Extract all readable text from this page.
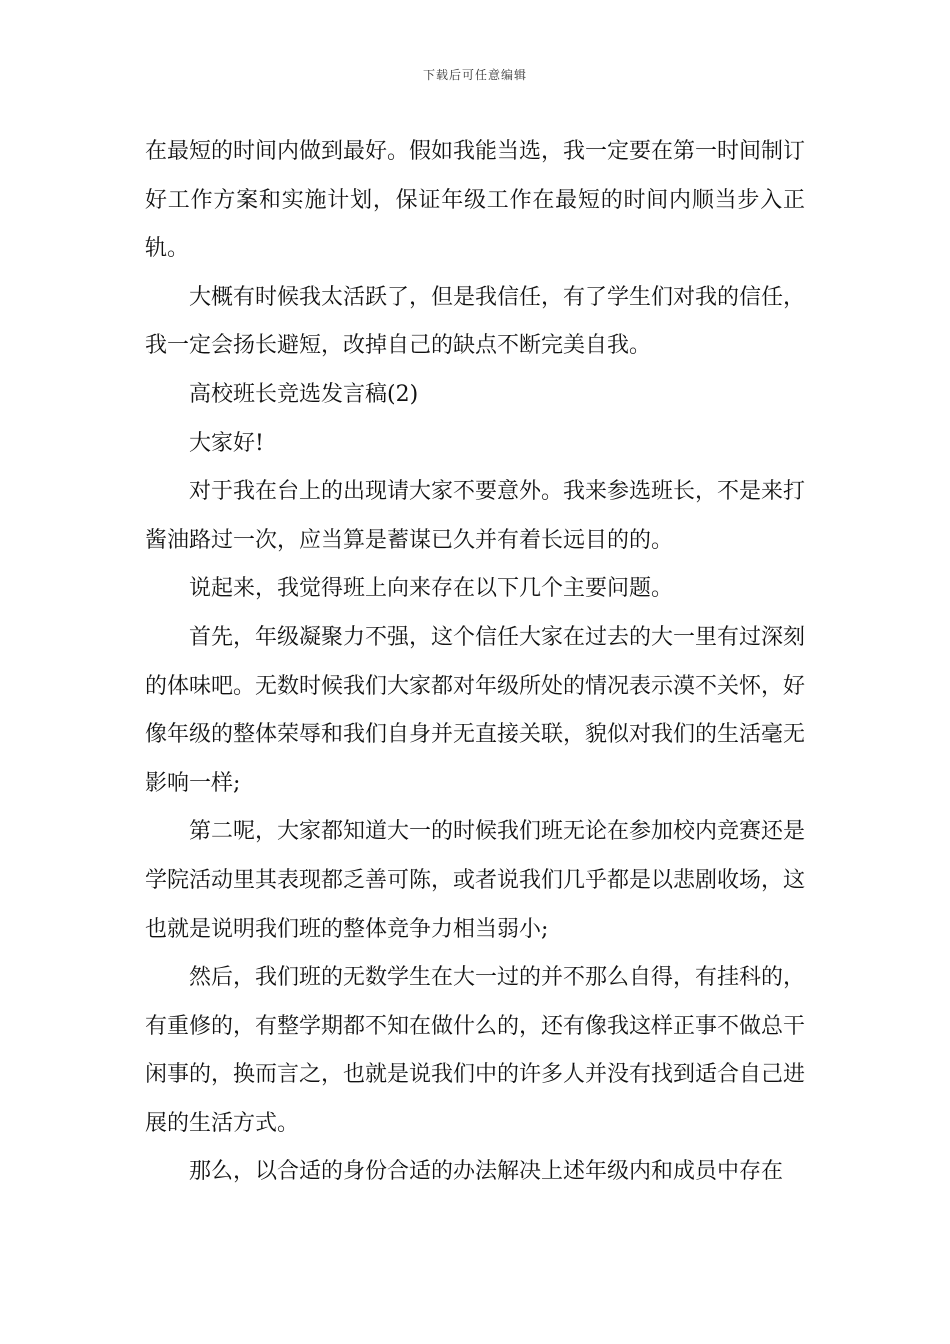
下载后可任意编辑

在最短的时间内做到最好。假如我能当选，我一定要在第一时间制订好工作方案和实施计划，保证年级工作在最短的时间内顺当步入正轨。

大概有时候我太活跃了，但是我信任，有了学生们对我的信任，我一定会扬长避短，改掉自己的缺点不断完美自我。

高校班长竞选发言稿(2)

大家好!

对于我在台上的出现请大家不要意外。我来参选班长，不是来打酱油路过一次，应当算是蓄谋已久并有着长远目的的。

说起来，我觉得班上向来存在以下几个主要问题。

首先，年级凝聚力不强，这个信任大家在过去的大一里有过深刻的体味吧。无数时候我们大家都对年级所处的情况表示漠不关怀，好像年级的整体荣辱和我们自身并无直接关联，貌似对我们的生活毫无影响一样;

第二呢，大家都知道大一的时候我们班无论在参加校内竞赛还是学院活动里其表现都乏善可陈，或者说我们几乎都是以悲剧收场，这也就是说明我们班的整体竞争力相当弱小;

然后，我们班的无数学生在大一过的并不那么自得，有挂科的，有重修的，有整学期都不知在做什么的，还有像我这样正事不做总干闲事的，换而言之，也就是说我们中的许多人并没有找到适合自己进展的生活方式。

那么，以合适的身份合适的办法解决上述年级内和成员中存在
